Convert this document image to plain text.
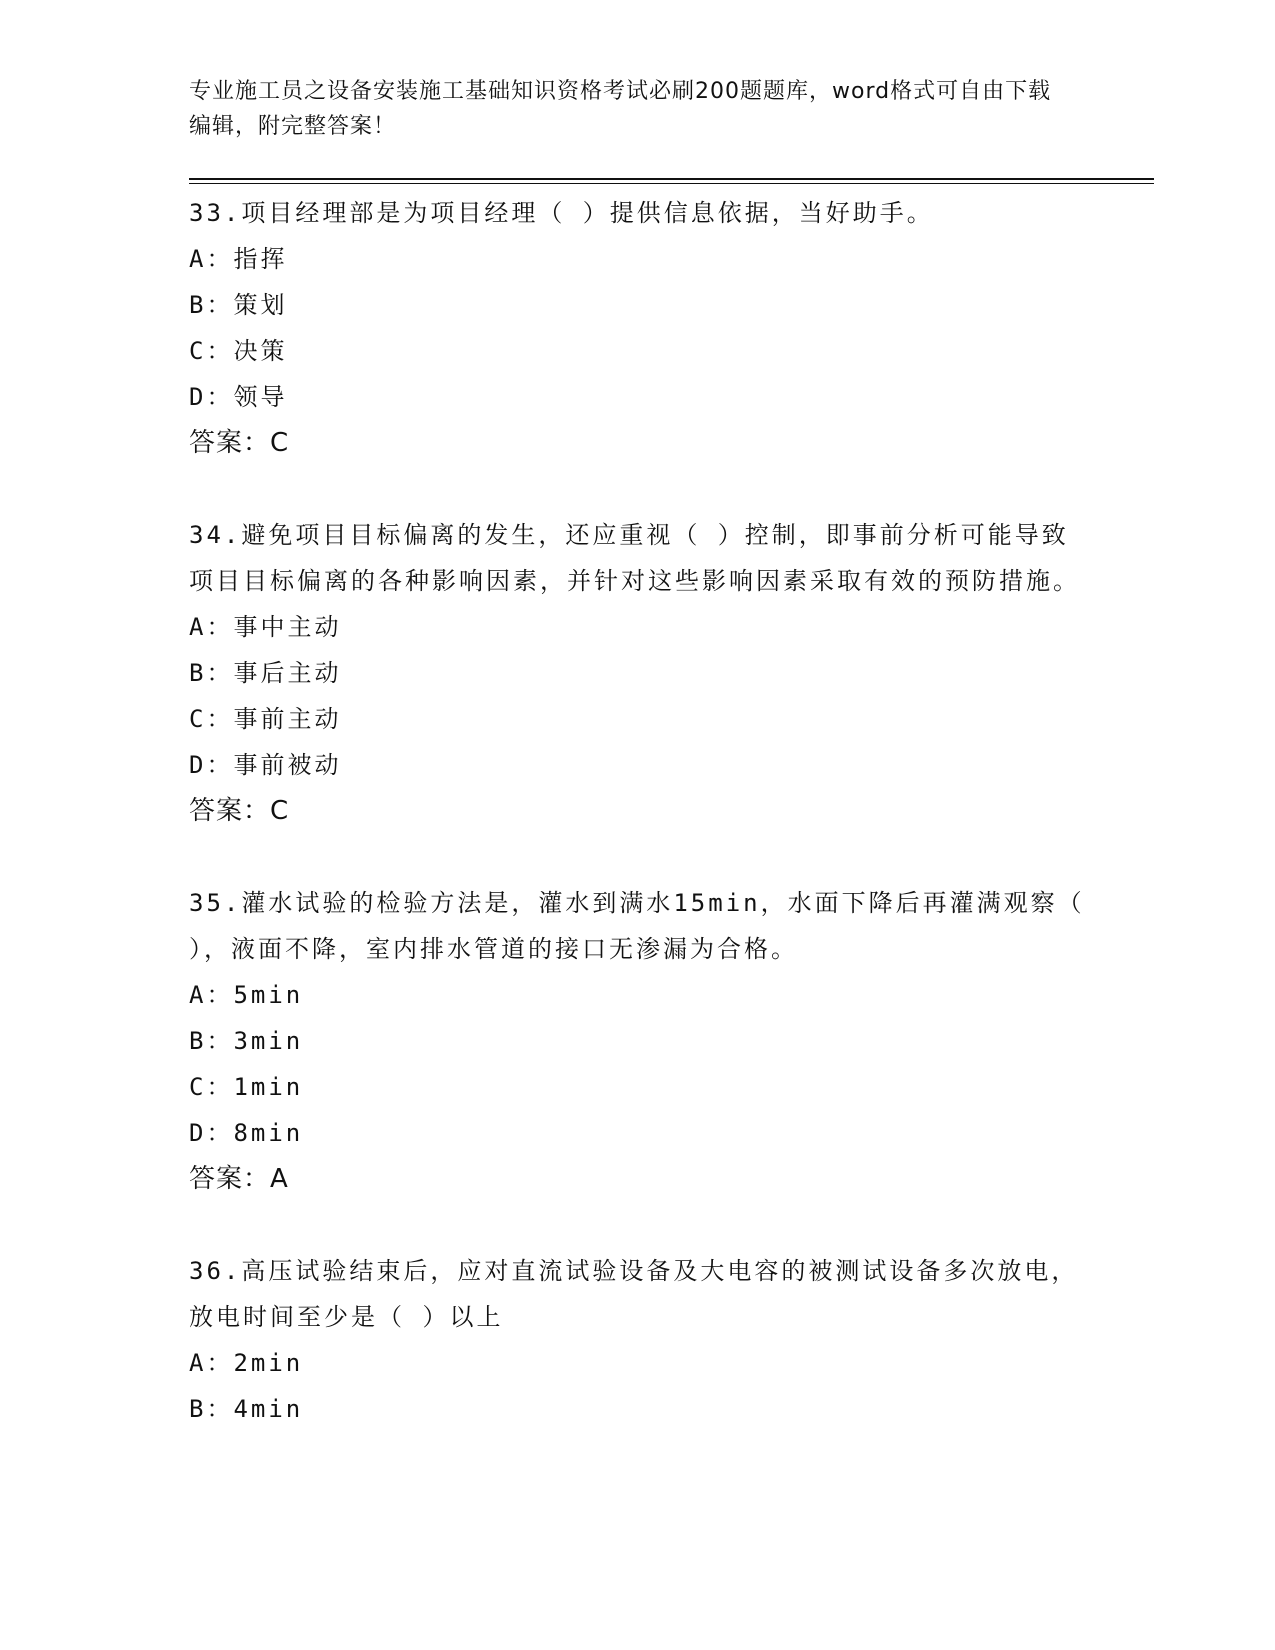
专业施工员之设备安装施工基础知识资格考试必刷200题题库，word格式可自由下载编辑，附完整答案！

33.项目经理部是为项目经理（ ）提供信息依据，当好助手。

A：指挥

B：策划

C：决策

D：领导

答案：C

34.避免项目目标偏离的发生，还应重视（ ）控制，即事前分析可能导致项目目标偏离的各种影响因素，并针对这些影响因素采取有效的预防措施。

A：事中主动

B：事后主动

C：事前主动

D：事前被动

答案：C

35.灌水试验的检验方法是，灌水到满水15min，水面下降后再灌满观察（ ），液面不降，室内排水管道的接口无渗漏为合格。

A：5min

B：3min

C：1min

D：8min

答案：A

36.高压试验结束后，应对直流试验设备及大电容的被测试设备多次放电，放电时间至少是（ ）以上

A：2min

B：4min
